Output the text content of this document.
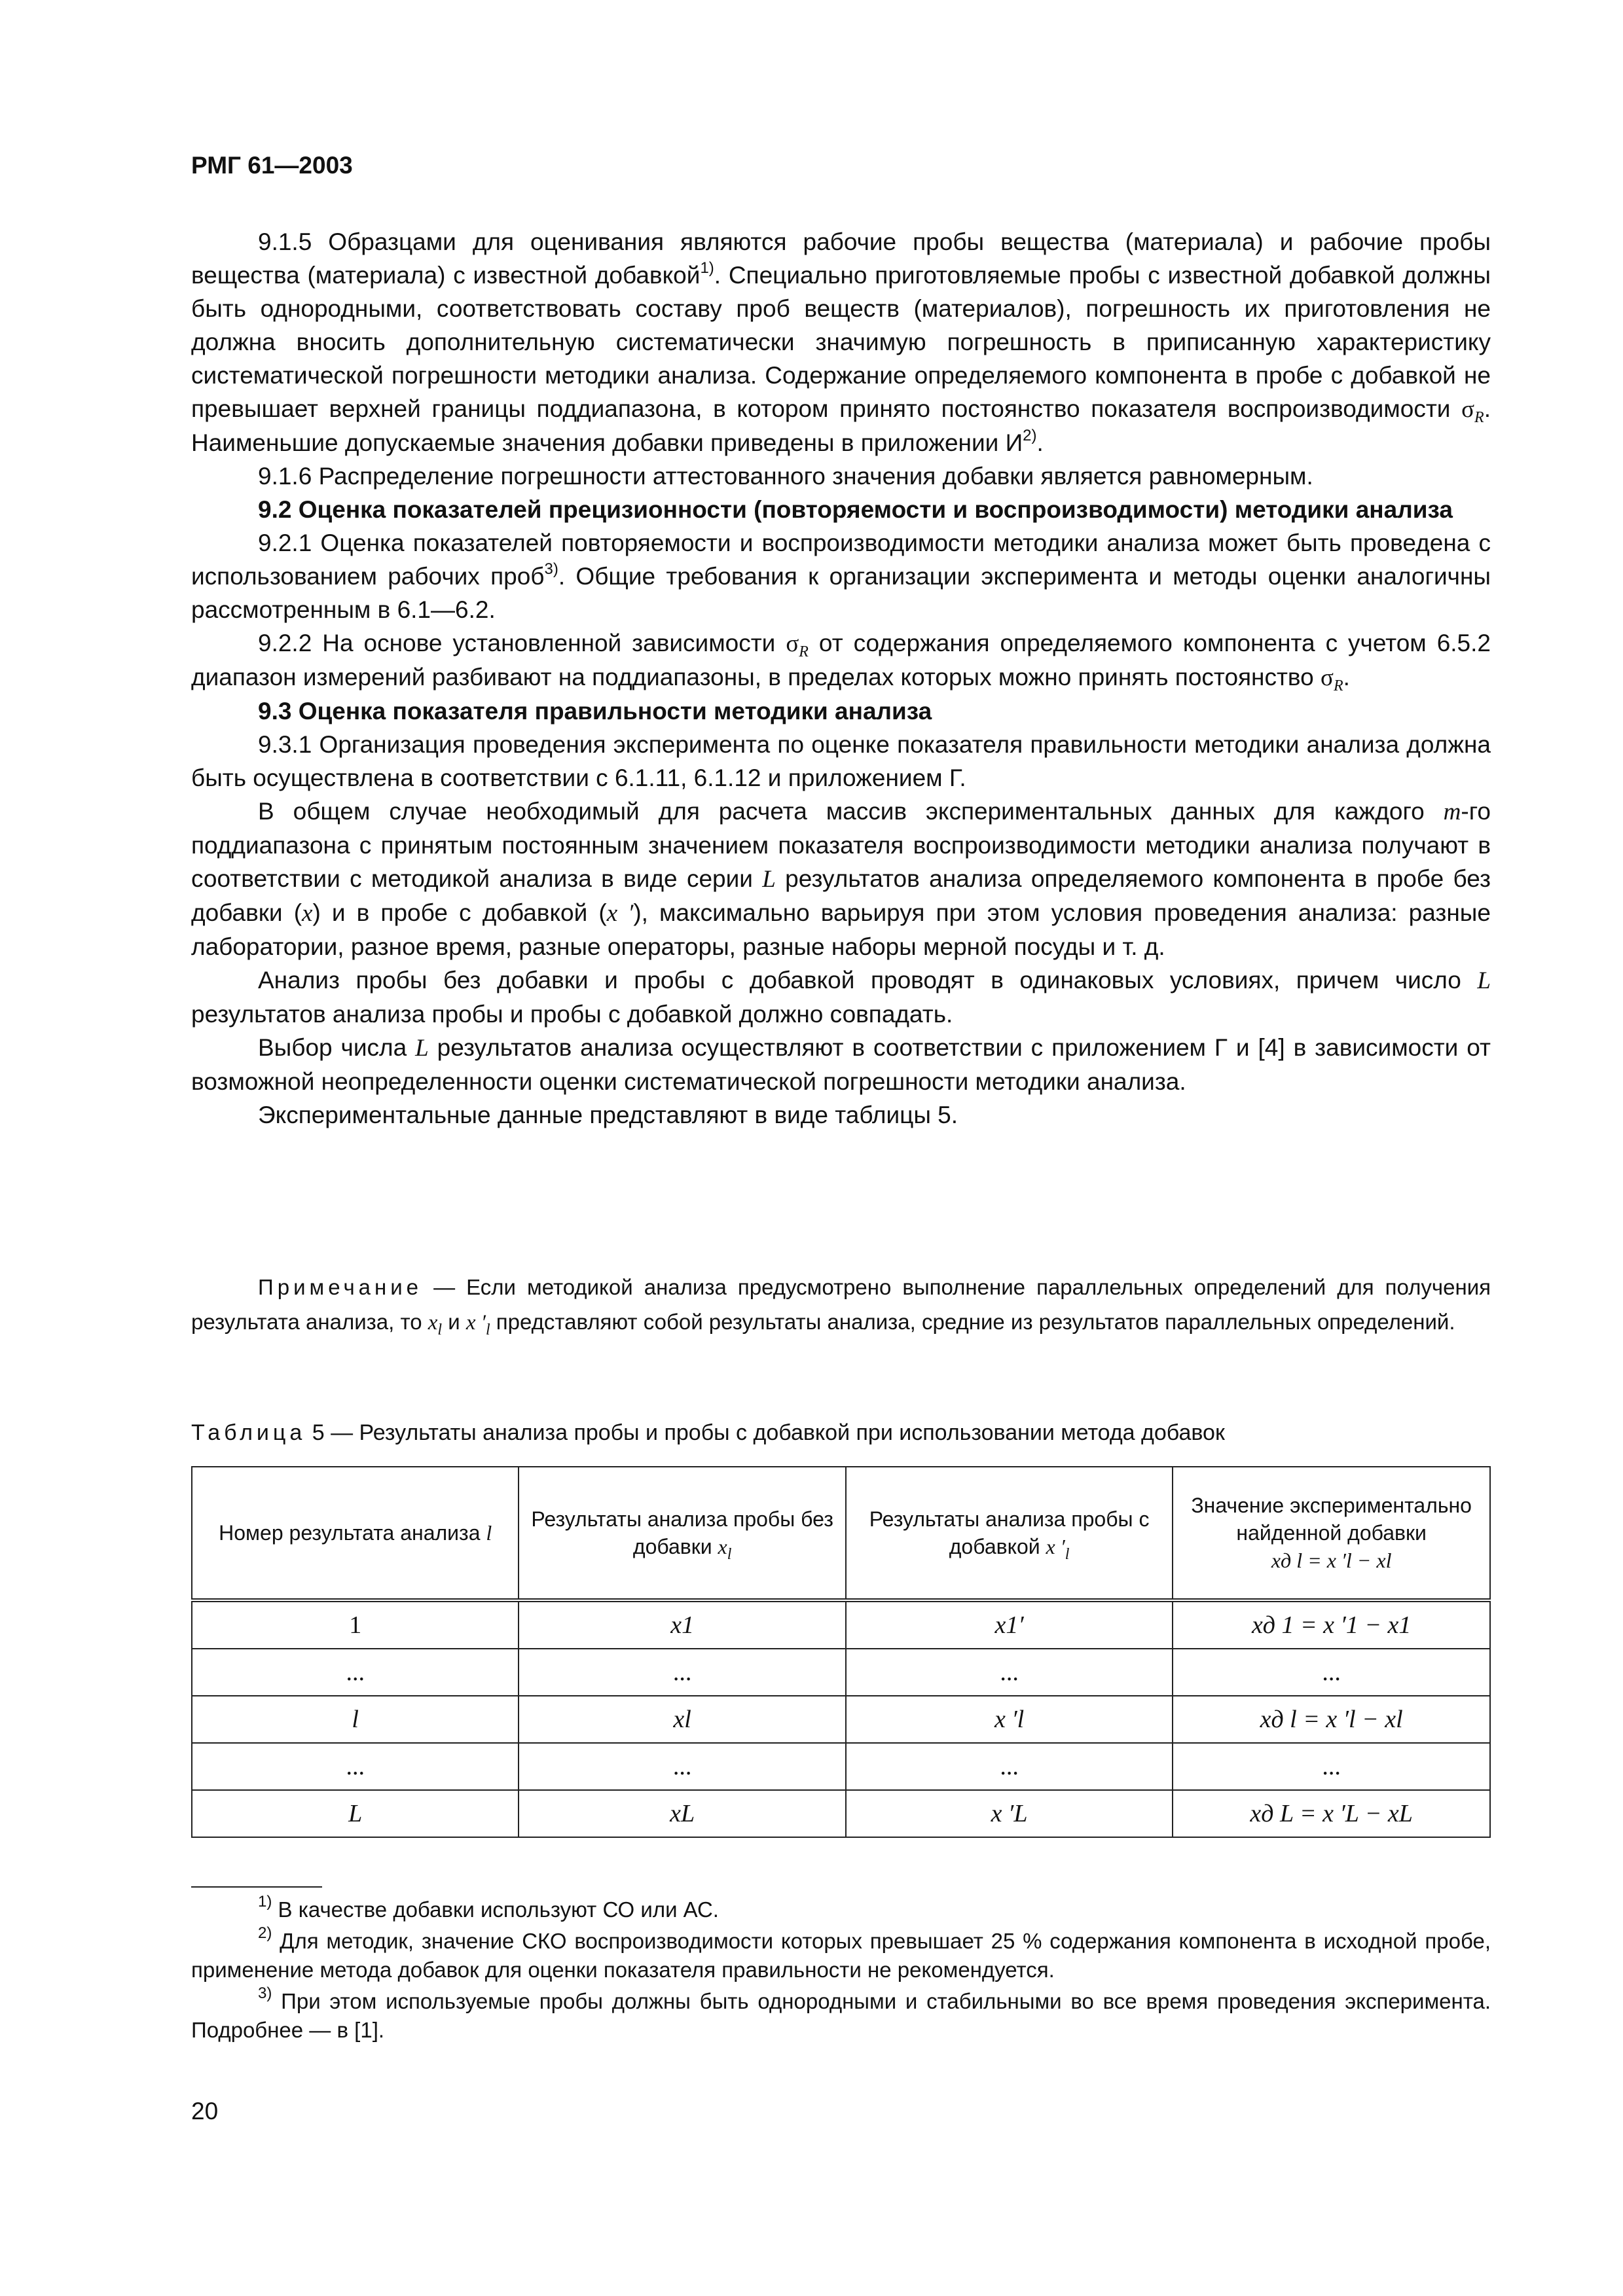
РМГ 61—2003

9.1.5 Образцами для оценивания являются рабочие пробы вещества (материала) и рабочие пробы вещества (материала) с известной добавкой$^{1)}$. Специально приготовляемые пробы с известной добавкой должны быть однородными, соответствовать составу проб веществ (материалов), погрешность их приготовления не должна вносить дополнительную систематически значимую погрешность в приписанную характеристику систематической погрешности методики анализа. Содержание определяемого компонента в пробе с добавкой не превышает верхней границы поддиапазона, в котором принято постоянство показателя воспроизводимости $\sigma_R$. Наименьшие допускаемые значения добавки приведены в приложении $И^{2)}$.

9.1.6 Распределение погрешности аттестованного значения добавки является равномерным.

9.2 Оценка показателей прецизионности (повторяемости и воспроизводимости) методики анализа

9.2.1 Оценка показателей повторяемости и воспроизводимости методики анализа может быть проведена с использованием рабочих проб$^{3)}$. Общие требования к организации эксперимента и методы оценки аналогичны рассмотренным в 6.1—6.2.

9.2.2 На основе установленной зависимости $\sigma_R$ от содержания определяемого компонента с учетом 6.5.2 диапазон измерений разбивают на поддиапазоны, в пределах которых можно принять постоянство $\sigma_R$.

9.3 Оценка показателя правильности методики анализа

9.3.1 Организация проведения эксперимента по оценке показателя правильности методики анализа должна быть осуществлена в соответствии с 6.1.11, 6.1.12 и приложением Г.

В общем случае необходимый для расчета массив экспериментальных данных для каждого m-го поддиапазона с принятым постоянным значением показателя воспроизводимости методики анализа получают в соответствии с методикой анализа в виде серии L результатов анализа определяемого компонента в пробе без добавки (x) и в пробе с добавкой (x ′), максимально варьируя при этом условия проведения анализа: разные лаборатории, разное время, разные операторы, разные наборы мерной посуды и т. д.

Анализ пробы без добавки и пробы с добавкой проводят в одинаковых условиях, причем число L результатов анализа пробы и пробы с добавкой должно совпадать.

Выбор числа L результатов анализа осуществляют в соответствии с приложением Г и [4] в зависимости от возможной неопределенности оценки систематической погрешности методики анализа.

Экспериментальные данные представляют в виде таблицы 5.

Примечание — Если методикой анализа предусмотрено выполнение параллельных определений для получения результата анализа, то $x_l$ и x $'_l$ представляют собой результаты анализа, средние из результатов параллельных определений.
Таблица 5 — Результаты анализа пробы и пробы с добавкой при использовании метода добавок
Номер результата анализа l	Результаты анализа пробы без добавки $x_l$	Результаты анализа пробы с добавкой x $'_l$	Значение экспериментально найденной добавки
xд l = x ′l − xl
1	x1	x1′	xд 1 = x ′1 − x1
...	...	...	...
l	xl	x ′l	xд l = x ′l − xl
...	...	...	...
L	xL	x ′L	xд L = x ′L − xL

$^{1)}$ В качестве добавки используют СО или АС.

$^{2)}$ Для методик, значение СКО воспроизводимости которых превышает 25 % содержания компонента в исходной пробе, применение метода добавок для оценки показателя правильности не рекомендуется.

$^{3)}$ При этом используемые пробы должны быть однородными и стабильными во все время проведения эксперимента. Подробнее — в [1].

20
